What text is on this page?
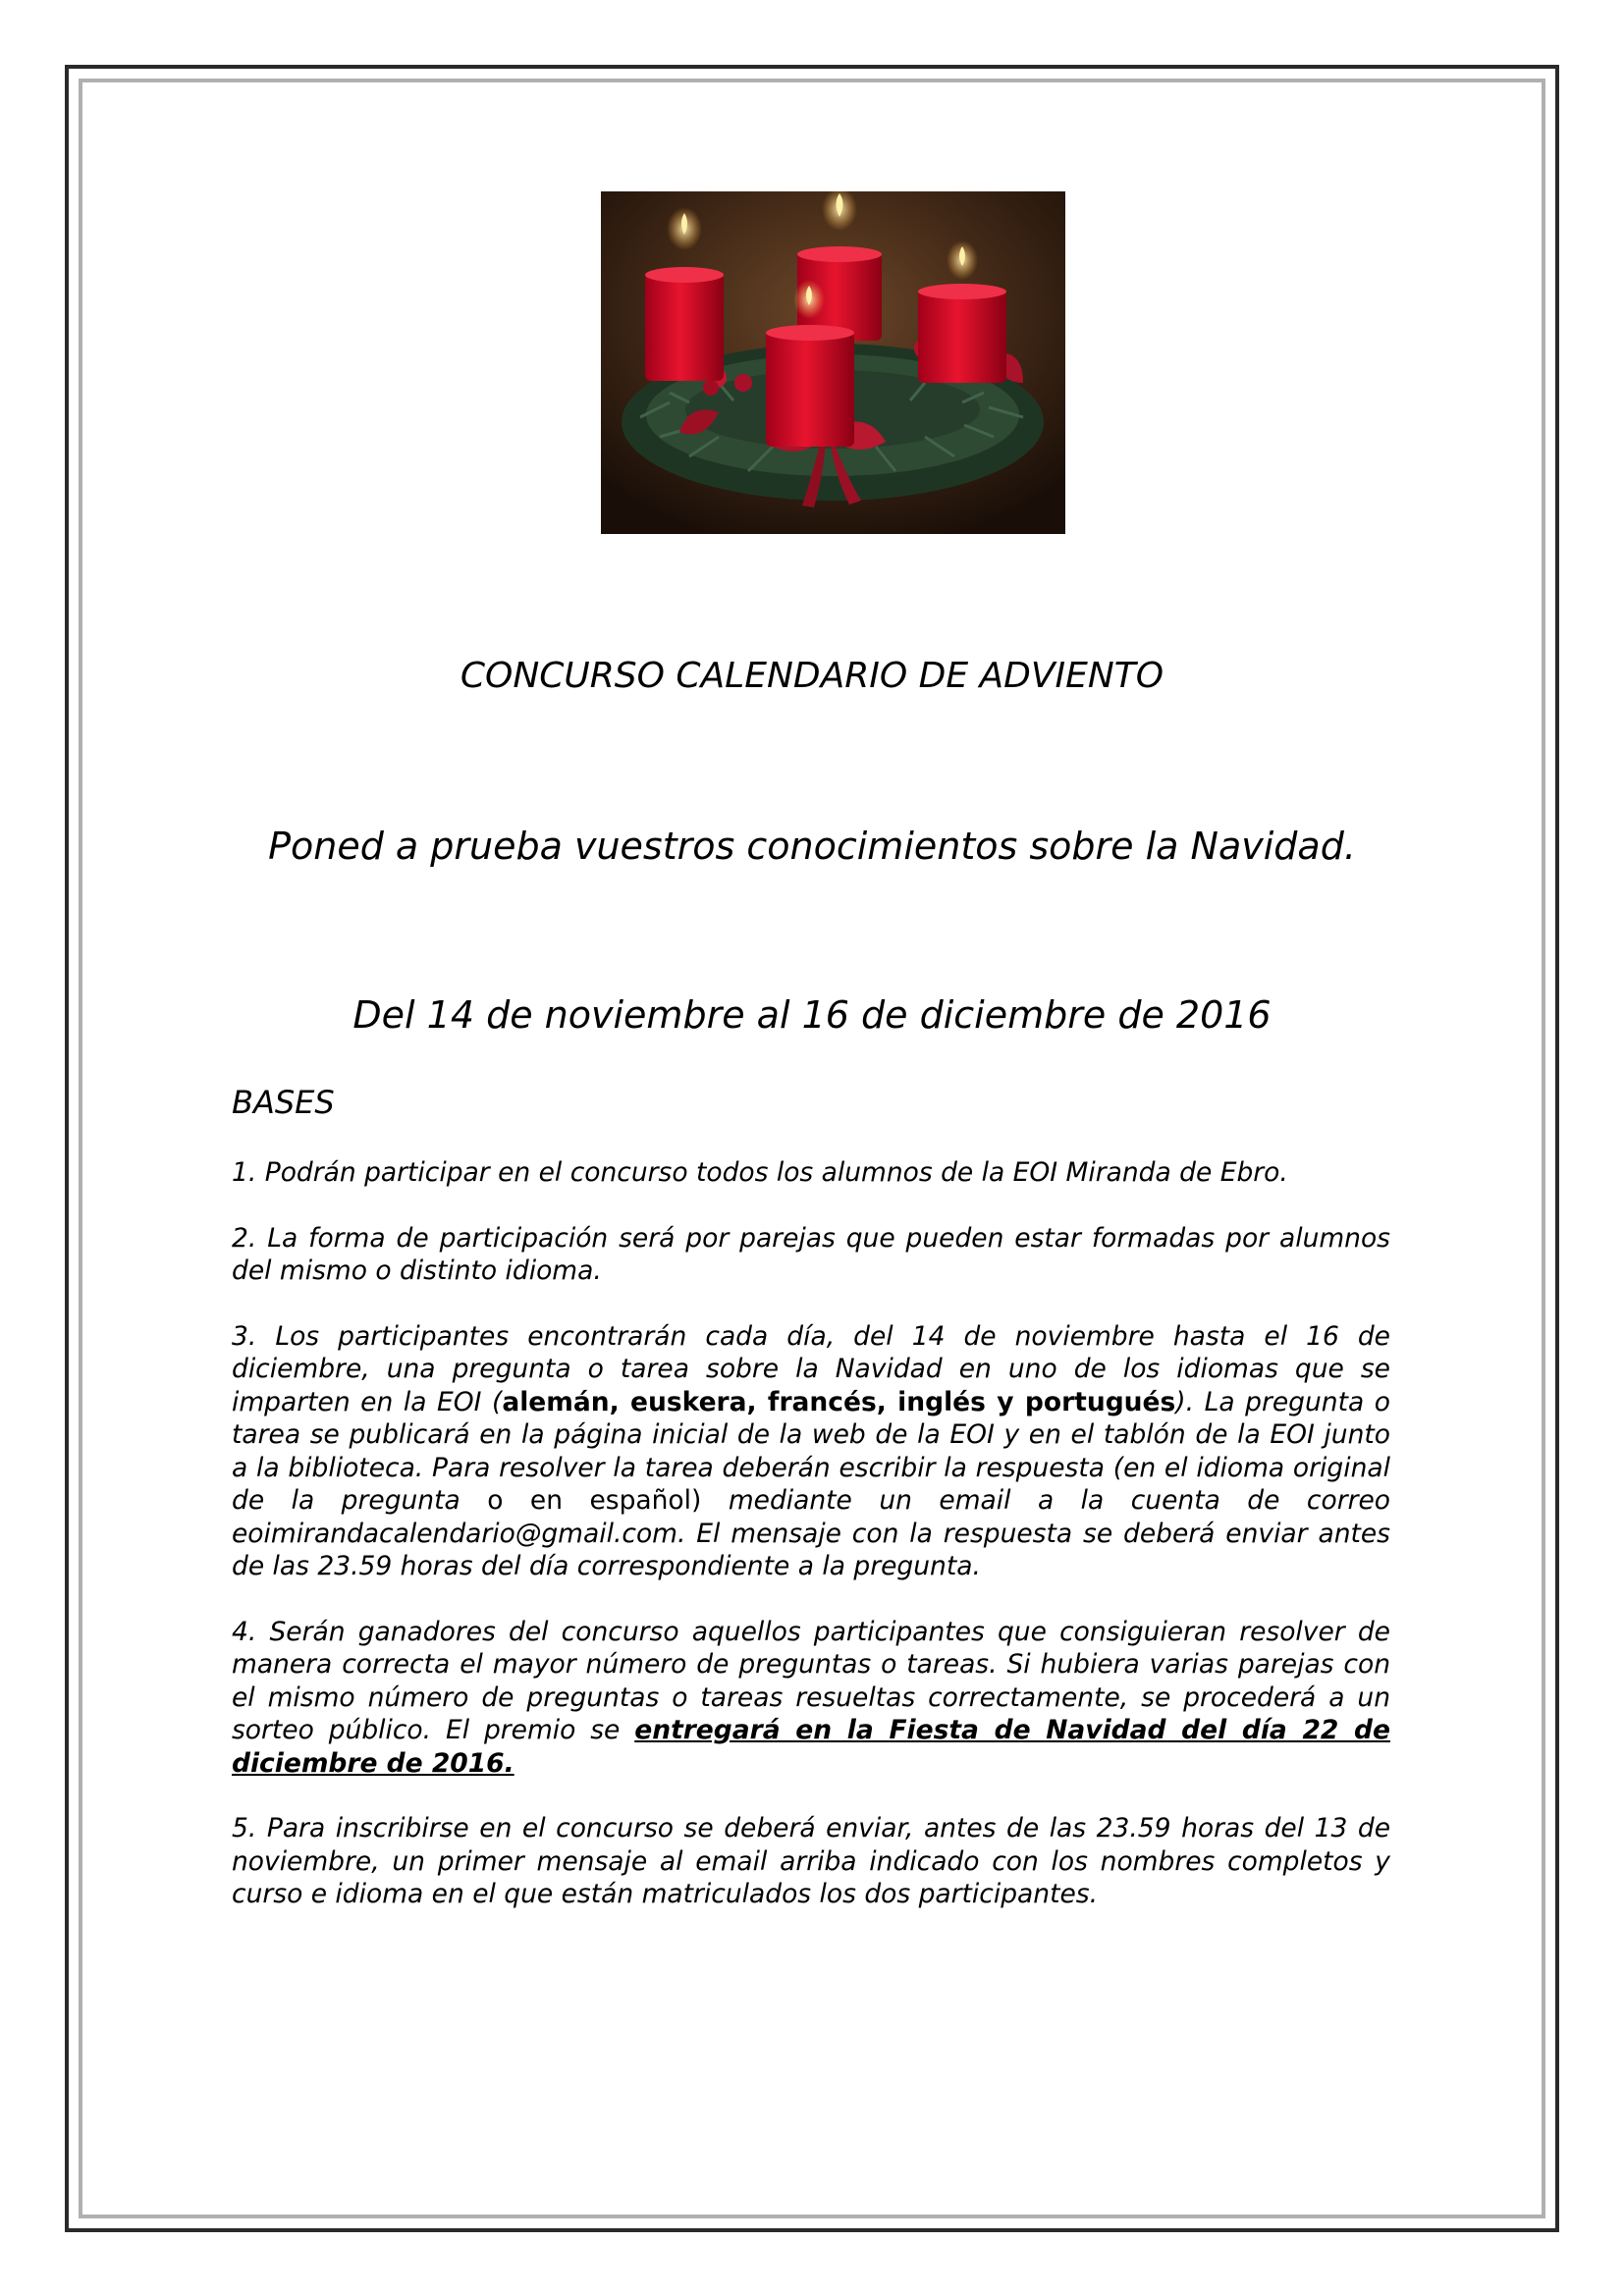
CONCURSO CALENDARIO DE ADVIENTO
Poned a prueba vuestros conocimientos sobre la Navidad.
Del 14 de noviembre al 16 de diciembre de 2016
BASES

1. Podrán participar en el concurso todos los alumnos de la EOI Miranda de Ebro.

2. La forma de participación será por parejas que pueden estar formadas por alumnos del mismo o distinto idioma.

3. Los participantes encontrarán cada día, del 14 de noviembre hasta el 16 de diciembre, una pregunta o tarea sobre la Navidad en uno de los idiomas que se imparten en la EOI (alemán, euskera, francés, inglés y portugués). La pregunta o tarea se publicará en la página inicial de la web de la EOI y en el tablón de la EOI junto a la biblioteca. Para resolver la tarea deberán escribir la respuesta (en el idioma original de la pregunta o en español) mediante un email a la cuenta de correo eoimirandacalendario@gmail.com. El mensaje con la respuesta se deberá enviar antes de las 23.59 horas del día correspondiente a la pregunta.

4. Serán ganadores del concurso aquellos participantes que consiguieran resolver de manera correcta el mayor número de preguntas o tareas. Si hubiera varias parejas con el mismo número de preguntas o tareas resueltas correctamente, se procederá a un sorteo público. El premio se entregará en la Fiesta de Navidad del día 22 de diciembre de 2016.

5. Para inscribirse en el concurso se deberá enviar, antes de las 23.59 horas del 13 de noviembre, un primer mensaje al email arriba indicado con los nombres completos y curso e idioma en el que están matriculados los dos participantes.
